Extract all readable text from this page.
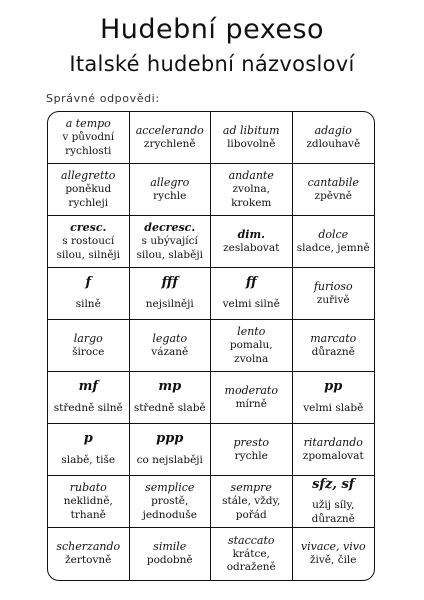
Hudební pexeso
Italské hudební názvosloví
Správné odpovědi:
a tempo
v původní
rychlosti
accelerando
zrychleně
ad libitum
libovolně
adagio
zdlouhavě
allegretto
poněkud
rychleji
allegro
rychle
andante
zvolna,
krokem
cantabile
zpěvně
cresc.
s rostoucí
silou, silněji
decresc.
s ubývající
silou, slaběji
dim.
zeslabovat
dolce
sladce, jemně
f
silně
fff
nejsilněji
ff
velmi silně
furioso
zuřivě
largo
široce
legato
vázaně
lento
pomalu,
zvolna
marcato
důrazně
mf
středně silně
mp
středně slabě
moderato
mírně
pp
velmi slabě
p
slabě, tiše
ppp
co nejslaběji
presto
rychle
ritardando
zpomalovat
rubato
neklidně,
trhaně
semplice
prostě,
jednoduše
sempre
stále, vždy,
pořád
sfz, sf
užij síly,
důrazně
scherzando
žertovně
simile
podobně
staccato
krátce,
odraženě
vivace, vivo
živě, čile
